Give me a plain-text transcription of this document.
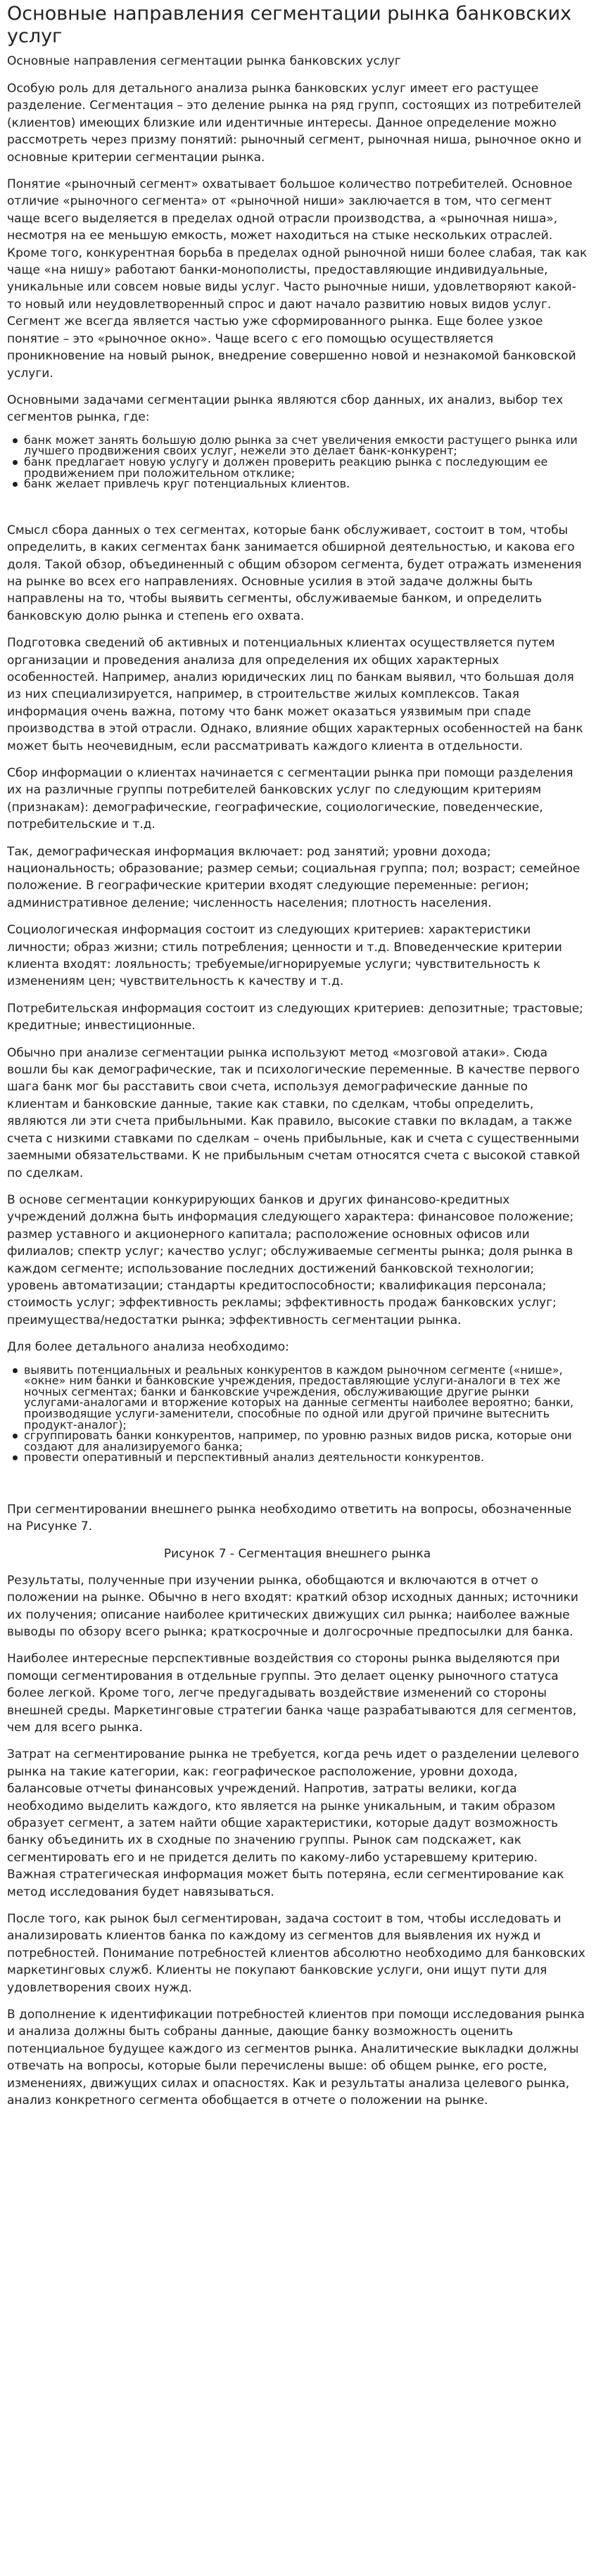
Основные направления сегментации рынка банковских услуг
Основные направления сегментации рынка банковских услуг

Особую роль для детального анализа рынка банковских услуг имеет его растущее разделение. Сегментация – это деление рынка на ряд групп, состоящих из потребителей (клиентов) имеющих близкие или идентичные интересы. Данное определение можно рассмотреть через призму понятий: рыночный сегмент, рыночная ниша, рыночное окно и основные критерии сегментации рынка.

Понятие «рыночный сегмент» охватывает большое количество потребителей. Основное отличие «рыночного сегмента» от «рыночной ниши» заключается в том, что сегмент чаще всего выделяется в пределах одной отрасли производства, а «рыночная ниша», несмотря на ее меньшую емкость, может находиться на стыке нескольких отраслей. Кроме того, конкурентная борьба в пределах одной рыночной ниши более слабая, так как чаще «на нишу» работают банки-монополисты, предоставляющие индивидуальные, уникальные или совсем новые виды услуг. Часто рыночные ниши, удовлетворяют какой-то новый или неудовлетворенный спрос и дают начало развитию новых видов услуг. Сегмент же всегда является частью уже сформированного рынка. Еще более узкое понятие – это «рыночное окно». Чаще всего с его помощью осуществляется проникновение на новый рынок, внедрение совершенно новой и незнакомой банковской услуги.

Основными задачами сегментации рынка являются сбор данных, их анализ, выбор тех сегментов рынка, где:

банк может занять большую долю рынка за счет увеличения емкости растущего рынка или лучшего продвижения своих услуг, нежели это делает банк-конкурент;
банк предлагает новую услугу и должен проверить реакцию рынка с последующим ее продвижением при положительном отклике;
банк желает привлечь круг потенциальных клиентов.

Смысл сбора данных о тех сегментах, которые банк обслуживает, состоит в том, чтобы определить, в каких сегментах банк занимается обширной деятельностью, и какова его доля. Такой обзор, объединенный с общим обзором сегмента, будет отражать изменения на рынке во всех его направлениях. Основные усилия в этой задаче должны быть направлены на то, чтобы выявить сегменты, обслуживаемые банком, и определить банковскую долю рынка и степень его охвата.

Подготовка сведений об активных и потенциальных клиентах осуществляется путем организации и проведения анализа для определения их общих характерных особенностей. Например, анализ юридических лиц по банкам выявил, что большая доля из них специализируется, например, в строительстве жилых комплексов. Такая информация очень важна, потому что банк может оказаться уязвимым при спаде производства в этой отрасли. Однако, влияние общих характерных особенностей на банк может быть неочевидным, если рассматривать каждого клиента в отдельности.

Сбор информации о клиентах начинается с сегментации рынка при помощи разделения их на различные группы потребителей банковских услуг по следующим критериям (признакам): демографические, географические, социологические, поведенческие, потребительские и т.д.

Так, демографическая информация включает: род занятий; уровни дохода; национальность; образование; размер семьи; социальная группа; пол; возраст; семейное положение. В географические критерии входят следующие переменные: регион; административное деление; численность населения; плотность населения.

Социологическая информация состоит из следующих критериев: характеристики личности; образ жизни; стиль потребления; ценности и т.д. Вповеденческие критерии клиента входят: лояльность; требуемые/игнорируемые услуги; чувствительность к изменениям цен; чувствительность к качеству и т.д.

Потребительская информация состоит из следующих критериев: депозитные; трастовые; кредитные; инвестиционные.

Обычно при анализе сегментации рынка используют метод «мозговой атаки». Сюда вошли бы как демографические, так и психологические переменные. В качестве первого шага банк мог бы расставить свои счета, используя демографические данные по клиентам и банковские данные, такие как ставки, по сделкам, чтобы определить, являются ли эти счета прибыльными. Как правило, высокие ставки по вкладам, а также счета с низкими ставками по сделкам – очень прибыльные, как и счета с существенными заемными обязательствами. К не прибыльным счетам относятся счета с высокой ставкой по сделкам.

В основе сегментации конкурирующих банков и других финансово-кредитных учреждений должна быть информация следующего характера: финансовое положение; размер уставного и акционерного капитала; расположение основных офисов или филиалов; спектр услуг; качество услуг; обслуживаемые сегменты рынка; доля рынка в каждом сегменте; использование последних достижений банковской технологии; уровень автоматизации; стандарты кредитоспособности; квалификация персонала; стоимость услуг; эффективность рекламы; эффективность продаж банковских услуг; преимущества/недостатки рынка; эффективность сегментации рынка.

Для более детального анализа необходимо:

выявить потенциальных и реальных конкурентов в каждом рыночном сегменте («нише», «окне» ним банки и банковские учреждения, предоставляющие услуги-аналоги в тех же ночных сегментах; банки и банковские учреждения, обслуживающие другие рынки услугами-аналогами и вторжение которых на данные сегменты наиболее вероятно; банки, производящие услуги-заменители, способные по одной или другой причине вытеснить продукт-аналог);
сгруппировать банки конкурентов, например, по уровню разных видов риска, которые они создают для анализируемого банка;
провести оперативный и перспективный анализ деятельности конкурентов.

При сегментировании внешнего рынка необходимо ответить на вопросы, обозначенные на Рисунке 7.

Рисунок 7 - Сегментация внешнего рынка

Результаты, полученные при изучении рынка, обобщаются и включаются в отчет о положении на рынке. Обычно в него входят: краткий обзор исходных данных; источники их получения; описание наиболее критических движущих сил рынка; наиболее важные выводы по обзору всего рынка; краткосрочные и долгосрочные предпосылки для банка.

Наиболее интересные перспективные воздействия со стороны рынка выделяются при помощи сегментирования в отдельные группы. Это делает оценку рыночного статуса более легкой. Кроме того, легче предугадывать воздействие изменений со стороны внешней среды. Маркетинговые стратегии банка чаще разрабатываются для сегментов, чем для всего рынка.

Затрат на сегментирование рынка не требуется, когда речь идет о разделении целевого рынка на такие категории, как: географическое расположение, уровни дохода, балансовые отчеты финансовых учреждений. Напротив, затраты велики, когда необходимо выделить каждого, кто является на рынке уникальным, и таким образом образует сегмент, а затем найти общие характеристики, которые дадут возможность банку объединить их в сходные по значению группы. Рынок сам подскажет, как сегментировать его и не придется делить по какому-либо устаревшему критерию. Важная стратегическая информация может быть потеряна, если сегментирование как метод исследования будет навязываться.

После того, как рынок был сегментирован, задача состоит в том, чтобы исследовать и анализировать клиентов банка по каждому из сегментов для выявления их нужд и потребностей. Понимание потребностей клиентов абсолютно необходимо для банковских маркетинговых служб. Клиенты не покупают банковские услуги, они ищут пути для удовлетворения своих нужд.

В дополнение к идентификации потребностей клиентов при помощи исследования рынка и анализа должны быть собраны данные, дающие банку возможность оценить потенциальное будущее каждого из сегментов рынка. Аналитические выкладки должны отвечать на вопросы, которые были перечислены выше: об общем рынке, его росте, изменениях, движущих силах и опасностях. Как и результаты анализа целевого рынка, анализ конкретного сегмента обобщается в отчете о положении на рынке.
